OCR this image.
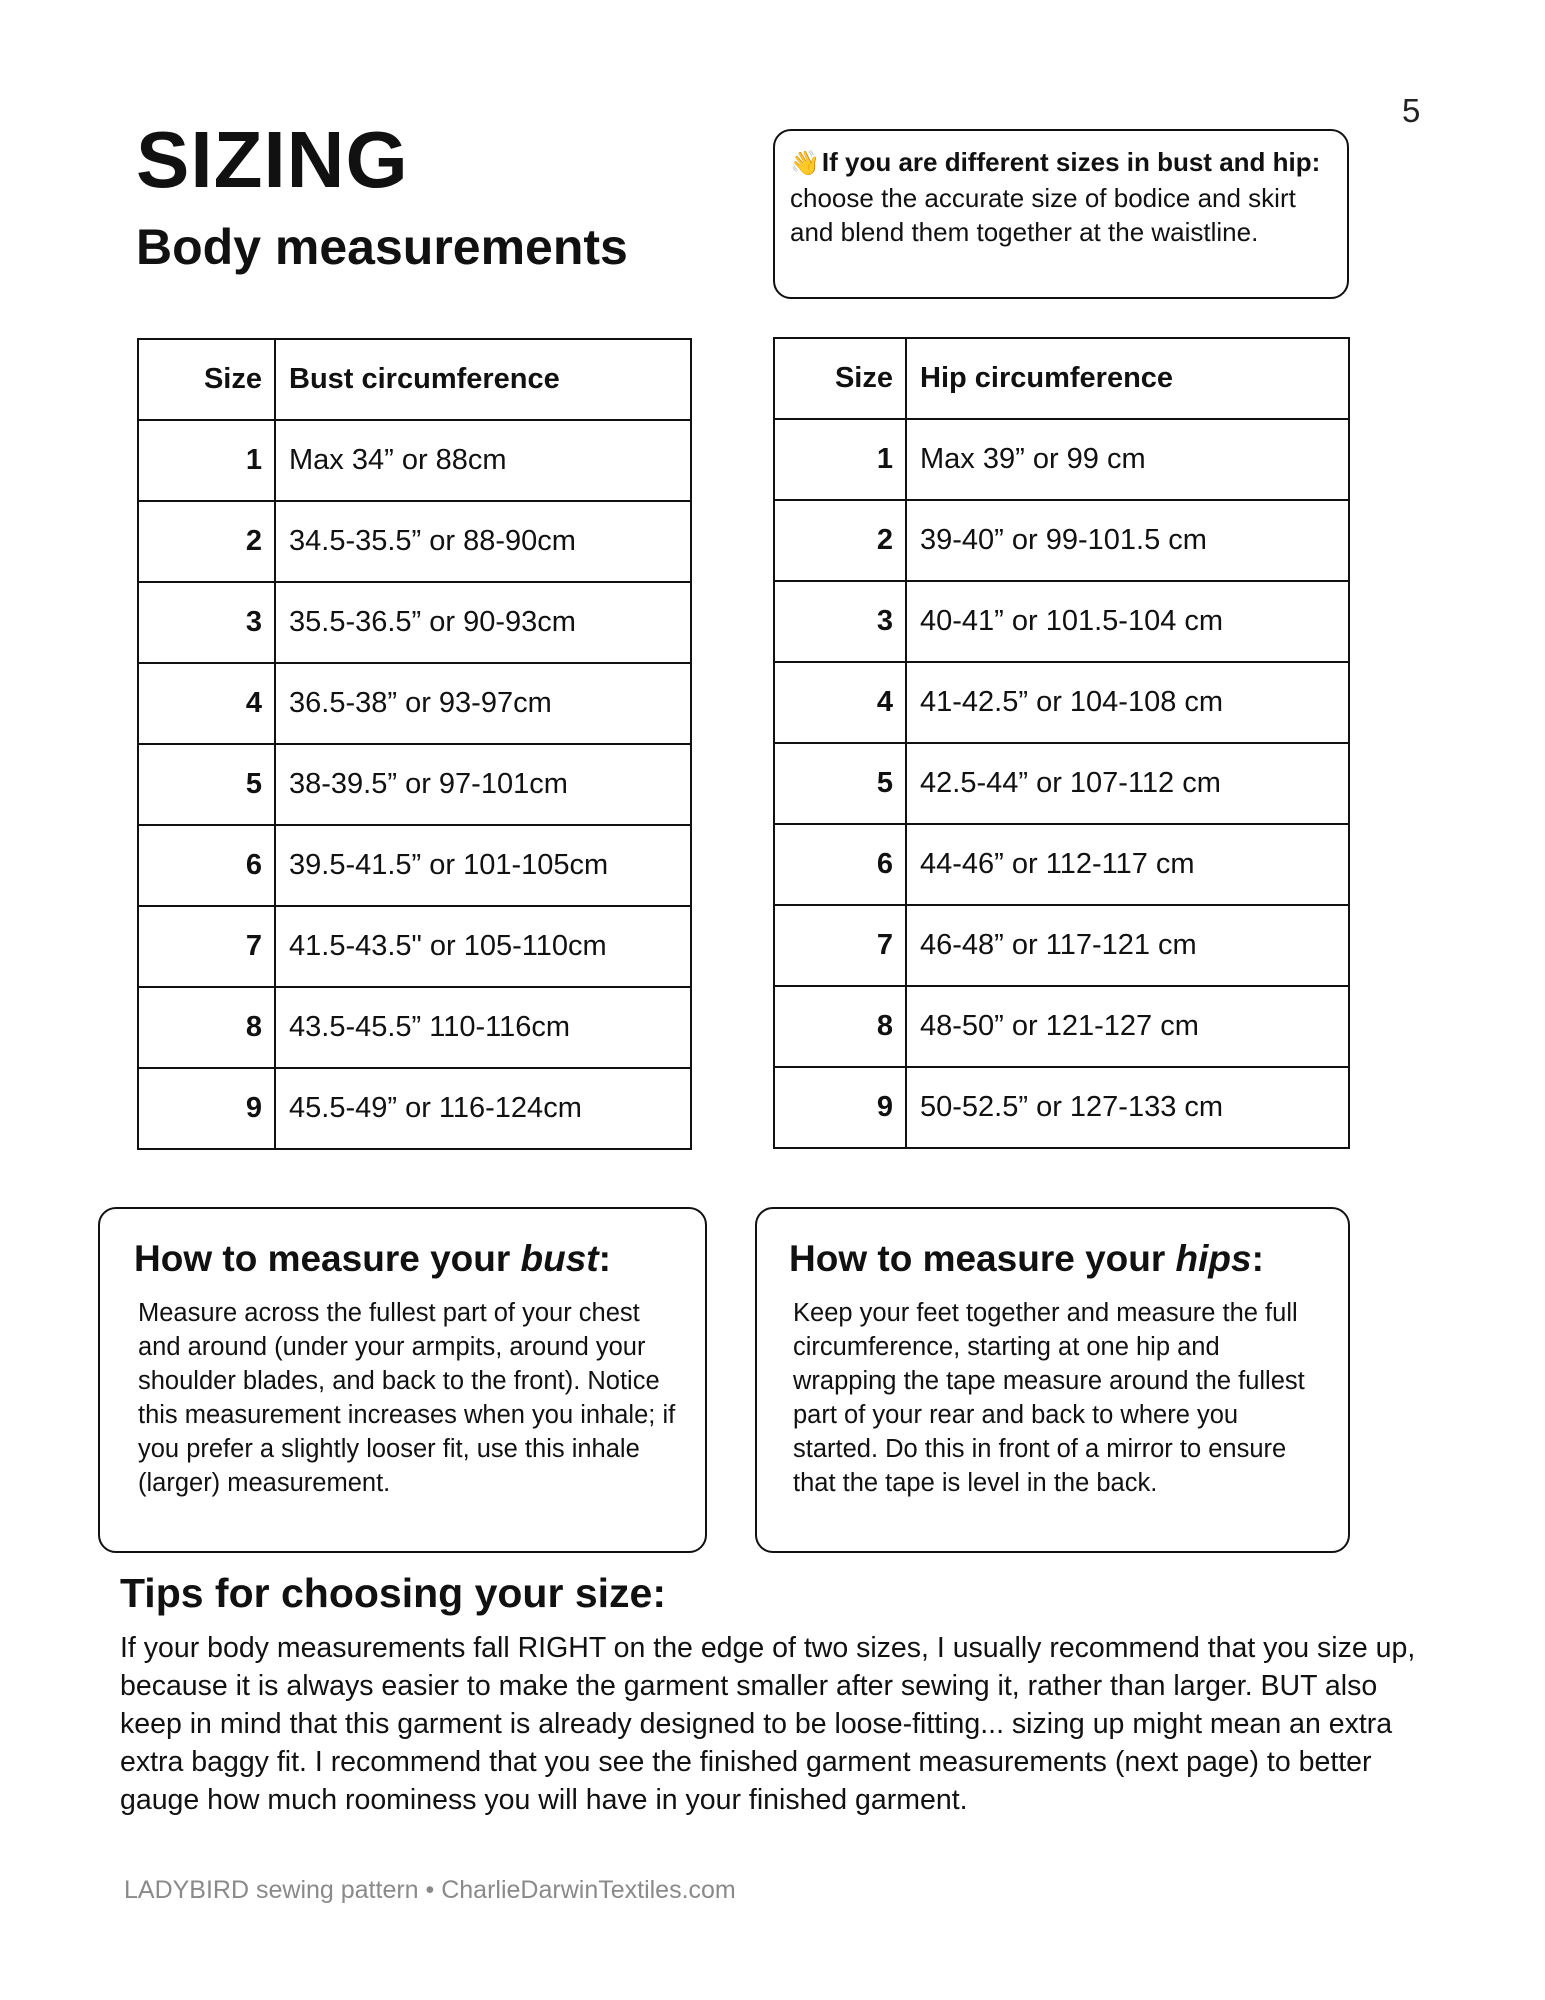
5
SIZING
Body measurements
👋If you are different sizes in bust and hip:
choose the accurate size of bodice and skirt and blend them together at the waistline.
Size	Bust circumference
1	Max 34” or 88cm
2	34.5-35.5” or 88-90cm
3	35.5-36.5” or 90-93cm
4	36.5-38” or 93-97cm
5	38-39.5” or 97-101cm
6	39.5-41.5” or 101-105cm
7	41.5-43.5" or 105-110cm
8	43.5-45.5” 110-116cm
9	45.5-49” or 116-124cm
Size	Hip circumference
1	Max 39” or 99 cm
2	39-40” or 99-101.5 cm
3	40-41” or 101.5-104 cm
4	41-42.5” or 104-108 cm
5	42.5-44” or 107-112 cm
6	44-46” or 112-117 cm
7	46-48” or 117-121 cm
8	48-50” or 121-127 cm
9	50-52.5” or 127-133 cm
How to measure your bust:

Measure across the fullest part of your chest and around (under your armpits, around your shoulder blades, and back to the front). Notice this measurement increases when you inhale; if you prefer a slightly looser fit, use this inhale (larger) measurement.

How to measure your hips:

Keep your feet together and measure the full circumference, starting at one hip and wrapping the tape measure around the fullest part of your rear and back to where you started. Do this in front of a mirror to ensure that the tape is level in the back.

Tips for choosing your size:

If your body measurements fall RIGHT on the edge of two sizes, I usually recommend that you size up, because it is always easier to make the garment smaller after sewing it, rather than larger. BUT also keep in mind that this garment is already designed to be loose-fitting... sizing up might mean an extra extra baggy fit. I recommend that you see the finished garment measurements (next page) to better gauge how much roominess you will have in your finished garment.

LADYBIRD sewing pattern • CharlieDarwinTextiles.com
